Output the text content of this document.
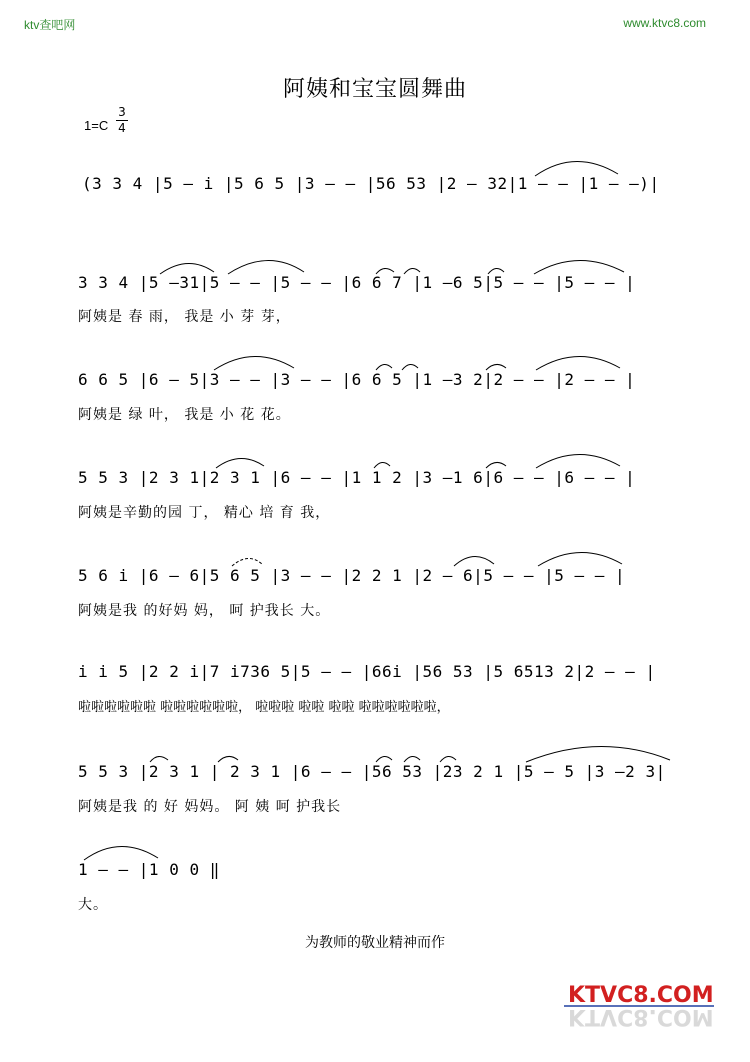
ktv查吧网	www.ktvc8.com
阿姨和宝宝圆舞曲
1=C
3
4
(3 3 4 |5 – i |5 6 5 |3 – – |56 53 |2 – 32|1 – – |1 – –)|
3 3 4 |5 –31|5 – – |5 – – |6 6 7 |1 –6 5|5 – – |5 – – |
阿姨是 春 雨， 我是 小 芽 芽，
6 6 5 |6 – 5|3 – – |3 – – |6 6 5 |1 –3 2|2 – – |2 – – |
阿姨是 绿 叶， 我是 小 花 花。
5 5 3 |2 3 1|2 3 1 |6 – – |1 1 2 |3 –1 6|6 – – |6 – – |
阿姨是辛勤的园 丁， 精心 培 育 我，
5 6 i |6 – 6|5 6 5 |3 – – |2 2 1 |2 – 6|5 – – |5 – – |
阿姨是我 的好妈 妈， 呵 护我长 大。
i i 5 |2 2 i|7 i736 5|5 – – |66i |56 53 |5 6513 2|2 – – |
啦啦啦啦啦啦 啦啦啦啦啦啦， 啦啦啦 啦啦 啦啦 啦啦啦啦啦啦，
5 5 3 |2 3 1 | 2 3 1 |6 – – |56 53 |23 2 1 |5 – 5 |3 –2 3|
阿姨是我 的 好 妈妈。 阿 姨 呵 护我长
1 – – |1 0 0 ‖
大。
为教师的敬业精神而作
KTVC8.COM
KTVC8.COM
